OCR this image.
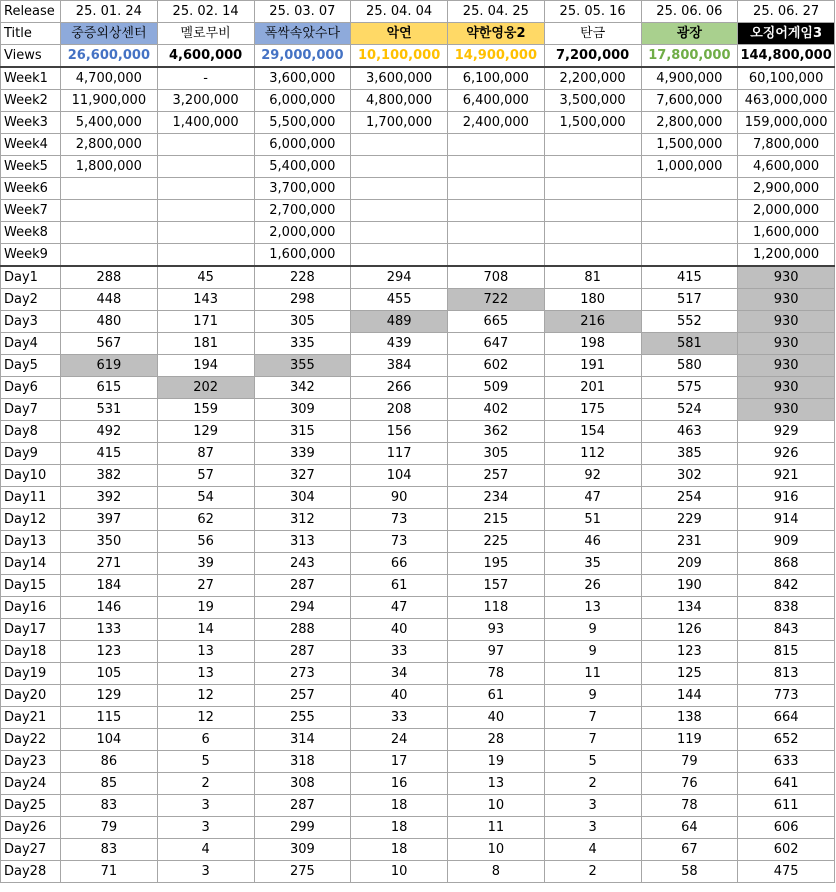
Release	25. 01. 24	25. 02. 14	25. 03. 07	25. 04. 04	25. 04. 25	25. 05. 16	25. 06. 06	25. 06. 27
Title	중증외상센터	멜로무비	폭싹속았수다	악연	약한영웅2	탄금	광장	오징어게임3
Views	26,600,000	4,600,000	29,000,000	10,100,000	14,900,000	7,200,000	17,800,000	144,800,000
Week1	4,700,000	-	3,600,000	3,600,000	6,100,000	2,200,000	4,900,000	60,100,000
Week2	11,900,000	3,200,000	6,000,000	4,800,000	6,400,000	3,500,000	7,600,000	463,000,000
Week3	5,400,000	1,400,000	5,500,000	1,700,000	2,400,000	1,500,000	2,800,000	159,000,000
Week4	2,800,000		6,000,000				1,500,000	7,800,000
Week5	1,800,000		5,400,000				1,000,000	4,600,000
Week6			3,700,000					2,900,000
Week7			2,700,000					2,000,000
Week8			2,000,000					1,600,000
Week9			1,600,000					1,200,000
Day1	288	45	228	294	708	81	415	930
Day2	448	143	298	455	722	180	517	930
Day3	480	171	305	489	665	216	552	930
Day4	567	181	335	439	647	198	581	930
Day5	619	194	355	384	602	191	580	930
Day6	615	202	342	266	509	201	575	930
Day7	531	159	309	208	402	175	524	930
Day8	492	129	315	156	362	154	463	929
Day9	415	87	339	117	305	112	385	926
Day10	382	57	327	104	257	92	302	921
Day11	392	54	304	90	234	47	254	916
Day12	397	62	312	73	215	51	229	914
Day13	350	56	313	73	225	46	231	909
Day14	271	39	243	66	195	35	209	868
Day15	184	27	287	61	157	26	190	842
Day16	146	19	294	47	118	13	134	838
Day17	133	14	288	40	93	9	126	843
Day18	123	13	287	33	97	9	123	815
Day19	105	13	273	34	78	11	125	813
Day20	129	12	257	40	61	9	144	773
Day21	115	12	255	33	40	7	138	664
Day22	104	6	314	24	28	7	119	652
Day23	86	5	318	17	19	5	79	633
Day24	85	2	308	16	13	2	76	641
Day25	83	3	287	18	10	3	78	611
Day26	79	3	299	18	11	3	64	606
Day27	83	4	309	18	10	4	67	602
Day28	71	3	275	10	8	2	58	475
